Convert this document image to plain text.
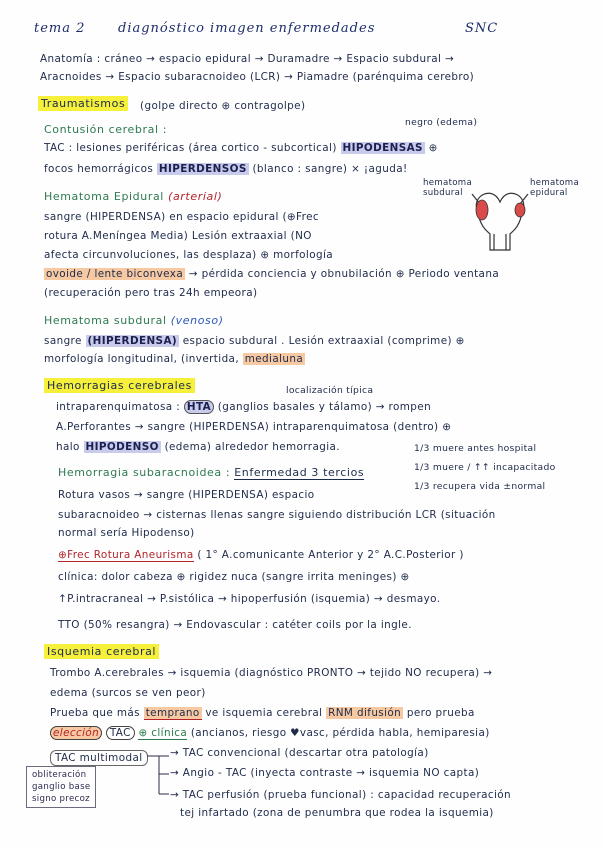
tema 2	diagnóstico imagen enfermedades	SNC
Anatomía : cráneo → espacio epidural → Duramadre → Espacio subdural →
Aracnoides → Espacio subaracnoideo (LCR) → Piamadre (parénquima cerebro)
Traumatismos (golpe directo ⊕ contragolpe)
Contusión cerebral :
negro (edema)
TAC : lesiones periféricas (área cortico - subcortical) HIPODENSAS ⊕
focos hemorrágicos HIPERDENSOS (blanco : sangre) × ¡aguda!
Hematoma Epidural (arterial)
sangre (HIPERDENSA) en espacio epidural (⊕Frec
rotura A.Meníngea Media) Lesión extraaxial (NO
afecta circunvoluciones, las desplaza) ⊕ morfología
ovoide / lente biconvexa → pérdida conciencia y obnubilación ⊕ Periodo ventana
(recuperación pero tras 24h empeora)
hematoma subdural
hematoma epidural
Hematoma subdural (venoso)
sangre (HIPERDENSA) espacio subdural . Lesión extraaxial (comprime) ⊕
morfología longitudinal, (invertida, medialuna
Hemorragias cerebrales	localización típica
intraparenquimatosa : HTA (ganglios basales y tálamo) → rompen
A.Perforantes → sangre (HIPERDENSA) intraparenquimatosa (dentro) ⊕
halo HIPODENSO (edema) alrededor hemorragia.
Hemorragia subaracnoidea : Enfermedad 3 tercios
1/3 muere antes hospital
1/3 muere / ↑↑ incapacitado
1/3 recupera vida ±normal
Rotura vasos → sangre (HIPERDENSA) espacio
subaracnoideo → cisternas llenas sangre siguiendo distribución LCR (situación
normal sería Hipodenso)
⊕Frec Rotura Aneurisma ( 1° A.comunicante Anterior y 2° A.C.Posterior )
clínica: dolor cabeza ⊕ rigidez nuca (sangre irrita meninges) ⊕
↑P.intracraneal → P.sistólica → hipoperfusión (isquemia) → desmayo.
TTO (50% resangra) → Endovascular : catéter coils por la ingle.
Isquemia cerebral
Trombo A.cerebrales → isquemia (diagnóstico PRONTO → tejido NO recupera) →
edema (surcos se ven peor)
Prueba que más temprano ve isquemia cerebral RNM difusión pero prueba
elección TAC ⊕ clínica (ancianos, riesgo ♥vasc, pérdida habla, hemiparesia)
TAC multimodal	→ TAC convencional (descartar otra patología)
→ Angio - TAC (inyecta contraste → isquemia NO capta)
→ TAC perfusión (prueba funcional) : capacidad recuperación
tej infartado (zona de penumbra que rodea la isquemia)
obliteración
ganglio base
signo precoz
